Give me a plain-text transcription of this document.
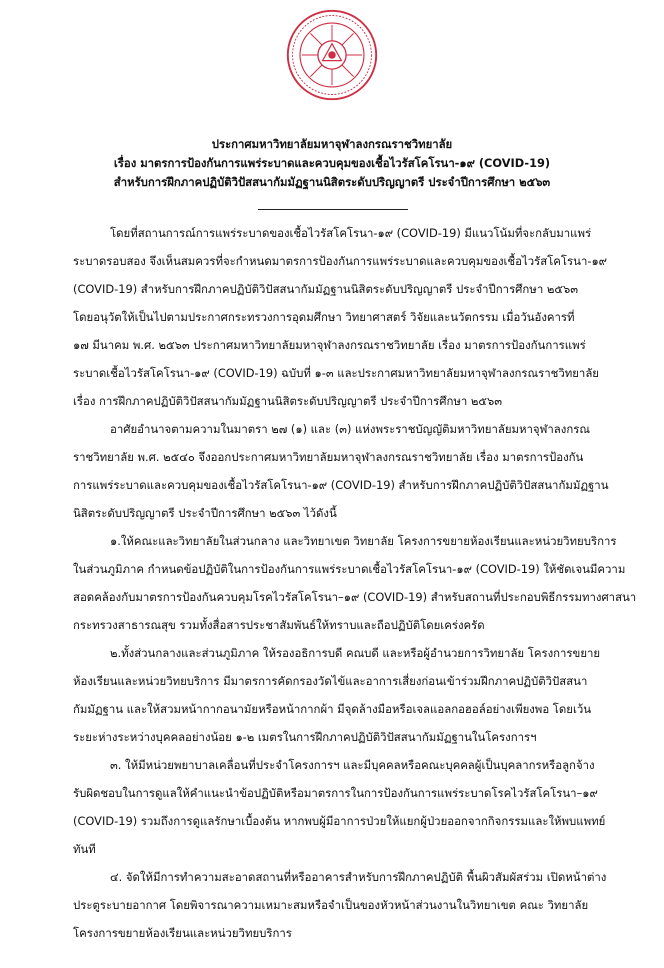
ประกาศมหาวิทยาลัยมหาจุฬาลงกรณราชวิทยาลัย
เรื่อง มาตรการป้องกันการแพร่ระบาดและควบคุมของเชื้อไวรัสโคโรนา-๑๙ (COVID-19)
สำหรับการฝึกภาคปฏิบัติวิปัสสนากัมมัฏฐานนิสิตระดับปริญญาตรี ประจำปีการศึกษา ๒๕๖๓
โดยที่สถานการณ์การแพร่ระบาดของเชื้อไวรัสโคโรนา-๑๙ (COVID-19) มีแนวโน้มที่จะกลับมาแพร่
ระบาดรอบสอง จึงเห็นสมควรที่จะกำหนดมาตรการป้องกันการแพร่ระบาดและควบคุมของเชื้อไวรัสโคโรนา-๑๙
(COVID-19) สำหรับการฝึกภาคปฏิบัติวิปัสสนากัมมัฏฐานนิสิตระดับปริญญาตรี ประจำปีการศึกษา ๒๕๖๓
โดยอนุวัตให้เป็นไปตามประกาศกระทรวงการอุดมศึกษา วิทยาศาสตร์ วิจัยและนวัตกรรม เมื่อวันอังคารที่
๑๗ มีนาคม พ.ศ. ๒๕๖๓ ประกาศมหาวิทยาลัยมหาจุฬาลงกรณราชวิทยาลัย เรื่อง มาตรการป้องกันการแพร่
ระบาดเชื้อไวรัสโคโรนา-๑๙ (COVID-19) ฉบับที่ ๑-๓ และประกาศมหาวิทยาลัยมหาจุฬาลงกรณราชวิทยาลัย
เรื่อง การฝึกภาคปฏิบัติวิปัสสนากัมมัฏฐานนิสิตระดับปริญญาตรี ประจำปีการศึกษา ๒๕๖๓
อาศัยอำนาจตามความในมาตรา ๒๗ (๑) และ (๓) แห่งพระราชบัญญัติมหาวิทยาลัยมหาจุฬาลงกรณ
ราชวิทยาลัย พ.ศ. ๒๕๔๐ จึงออกประกาศมหาวิทยาลัยมหาจุฬาลงกรณราชวิทยาลัย เรื่อง มาตรการป้องกัน
การแพร่ระบาดและควบคุมของเชื้อไวรัสโคโรนา-๑๙ (COVID-19) สำหรับการฝึกภาคปฏิบัติวิปัสสนากัมมัฏฐาน
นิสิตระดับปริญญาตรี ประจำปีการศึกษา ๒๕๖๓ ไว้ดังนี้
๑.ให้คณะและวิทยาลัยในส่วนกลาง และวิทยาเขต วิทยาลัย โครงการขยายห้องเรียนและหน่วยวิทยบริการ
ในส่วนภูมิภาค กำหนดข้อปฏิบัติในการป้องกันการแพร่ระบาดเชื้อไวรัสโคโรนา-๑๙ (COVID-19) ให้ชัดเจนมีความ
สอดคล้องกับมาตรการป้องกันควบคุมโรคไวรัสโคโรนา–๑๙ (COVID-19) สำหรับสถานที่ประกอบพิธีกรรมทางศาสนา
กระทรวงสาธารณสุข รวมทั้งสื่อสารประชาสัมพันธ์ให้ทราบและถือปฏิบัติโดยเคร่งครัด
๒.ทั้งส่วนกลางและส่วนภูมิภาค ให้รองอธิการบดี คณบดี และหรือผู้อำนวยการวิทยาลัย โครงการขยาย
ห้องเรียนและหน่วยวิทยบริการ มีมาตรการคัดกรองวัดไข้และอาการเสี่ยงก่อนเข้าร่วมฝึกภาคปฏิบัติวิปัสสนา
กัมมัฏฐาน และให้สวมหน้ากากอนามัยหรือหน้ากากผ้า มีจุดล้างมือหรือเจลแอลกอฮอล์อย่างเพียงพอ โดยเว้น
ระยะห่างระหว่างบุคคลอย่างน้อย ๑-๒ เมตรในการฝึกภาคปฏิบัติวิปัสสนากัมมัฏฐานในโครงการฯ
๓. ให้มีหน่วยพยาบาลเคลื่อนที่ประจำโครงการฯ และมีบุคคลหรือคณะบุคคลผู้เป็นบุคลากรหรือลูกจ้าง
รับผิดชอบในการดูแลให้คำแนะนำข้อปฏิบัติหรือมาตรการในการป้องกันการแพร่ระบาดโรคไวรัสโคโรนา–๑๙
(COVID-19) รวมถึงการดูแลรักษาเบื้องต้น หากพบผู้มีอาการป่วยให้แยกผู้ป่วยออกจากกิจกรรมและให้พบแพทย์
ทันที
๔. จัดให้มีการทำความสะอาดสถานที่หรืออาคารสำหรับการฝึกภาคปฏิบัติ พื้นผิวสัมผัสร่วม เปิดหน้าต่าง
ประตูระบายอากาศ โดยพิจารณาความเหมาะสมหรือจำเป็นของหัวหน้าส่วนงานในวิทยาเขต คณะ วิทยาลัย
โครงการขยายห้องเรียนและหน่วยวิทยบริการ
